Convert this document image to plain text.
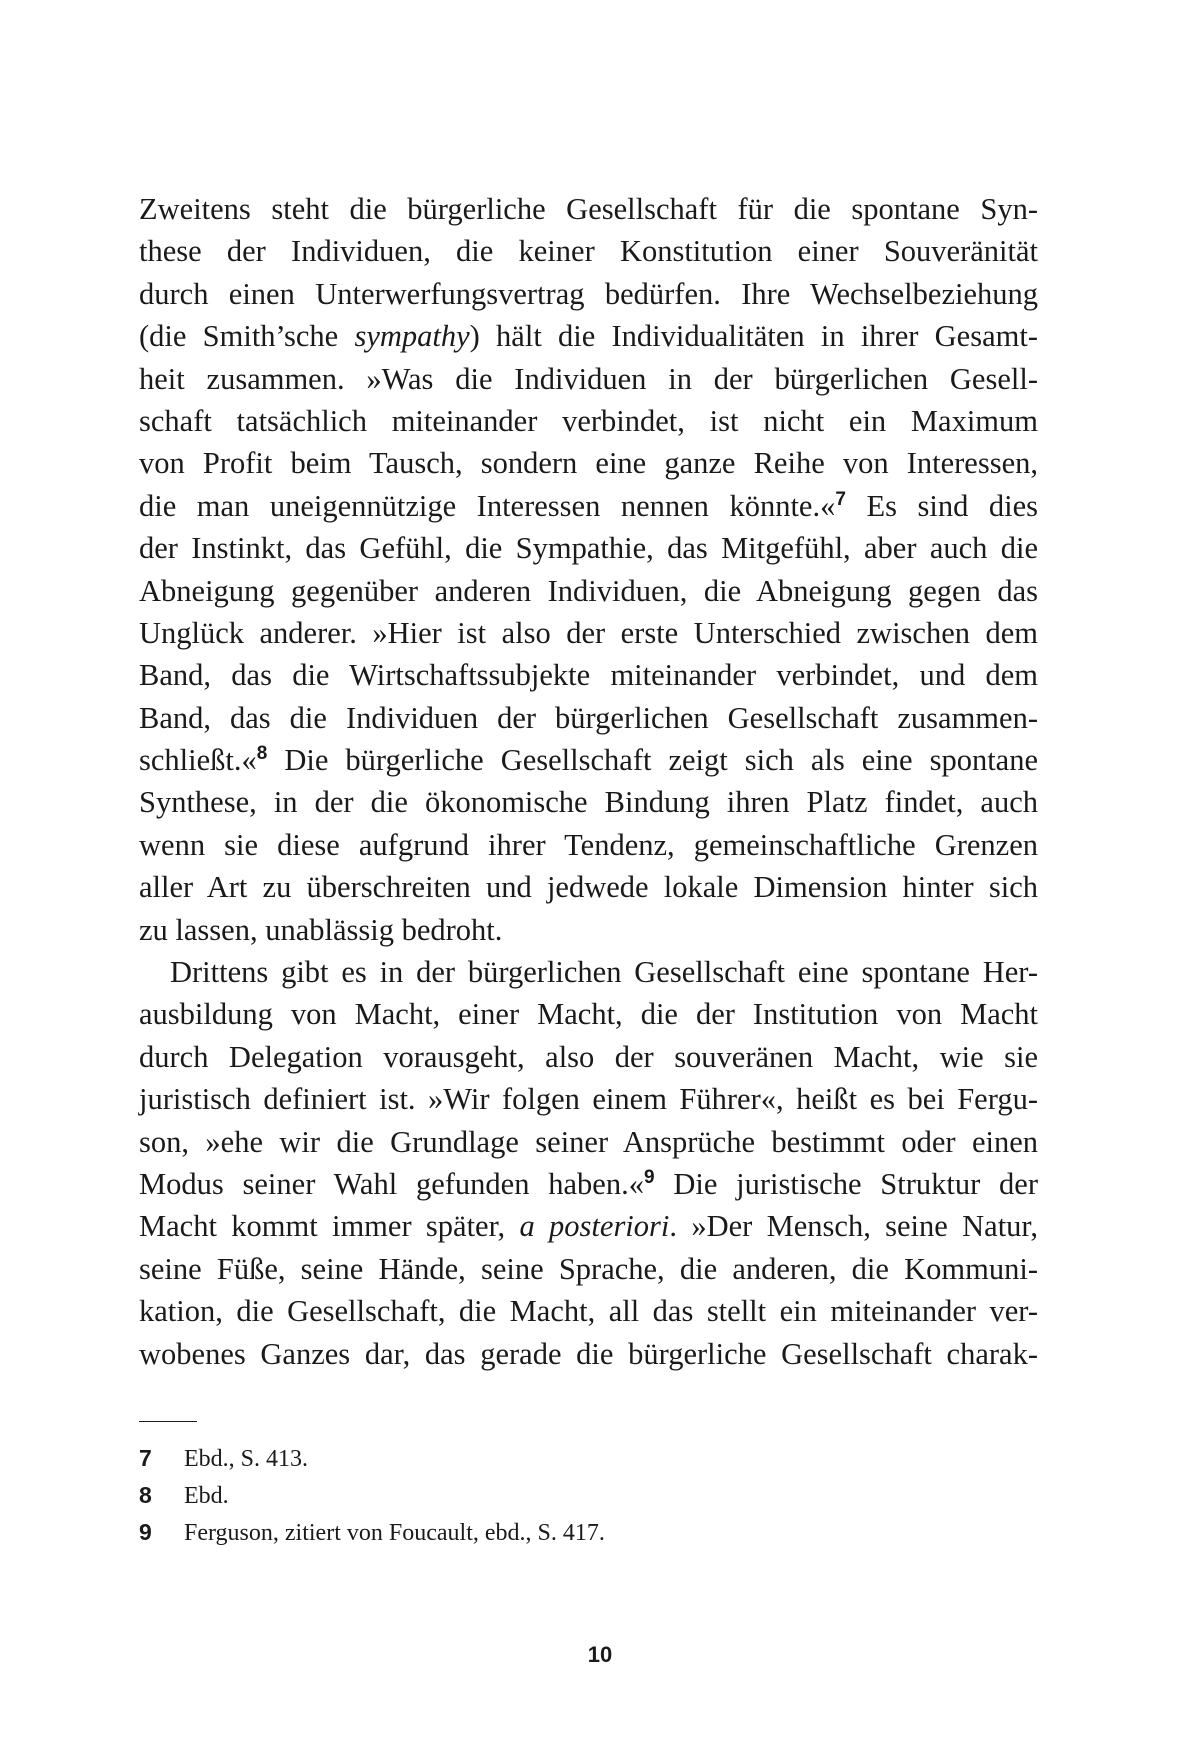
Zweitens steht die bürgerliche Gesellschaft für die spontane Syn-
these der Individuen, die keiner Konstitution einer Souveränität
durch einen Unterwerfungsvertrag bedürfen. Ihre Wechselbeziehung
(die Smith’sche sympathy) hält die Individualitäten in ihrer Gesamt-
heit zusammen. »Was die Individuen in der bürgerlichen Gesell-
schaft tatsächlich miteinander verbindet, ist nicht ein Maximum
von Profit beim Tausch, sondern eine ganze Reihe von Interessen,
die man uneigennützige Interessen nennen könnte.«$^7$ Es sind dies
der Instinkt, das Gefühl, die Sympathie, das Mitgefühl, aber auch die
Abneigung gegenüber anderen Individuen, die Abneigung gegen das
Unglück anderer. »Hier ist also der erste Unterschied zwischen dem
Band, das die Wirtschaftssubjekte miteinander verbindet, und dem
Band, das die Individuen der bürgerlichen Gesellschaft zusammen-
schließt.«$^8$ Die bürgerliche Gesellschaft zeigt sich als eine spontane
Synthese, in der die ökonomische Bindung ihren Platz findet, auch
wenn sie diese aufgrund ihrer Tendenz, gemeinschaftliche Grenzen
aller Art zu überschreiten und jedwede lokale Dimension hinter sich
zu lassen, unablässig bedroht.
Drittens gibt es in der bürgerlichen Gesellschaft eine spontane Her-
ausbildung von Macht, einer Macht, die der Institution von Macht
durch Delegation vorausgeht, also der souveränen Macht, wie sie
juristisch definiert ist. »Wir folgen einem Führer«, heißt es bei Fergu-
son, »ehe wir die Grundlage seiner Ansprüche bestimmt oder einen
Modus seiner Wahl gefunden haben.«$^9$ Die juristische Struktur der
Macht kommt immer später, a posteriori. »Der Mensch, seine Natur,
seine Füße, seine Hände, seine Sprache, die anderen, die Kommuni-
kation, die Gesellschaft, die Macht, all das stellt ein miteinander ver-
wobenes Ganzes dar, das gerade die bürgerliche Gesellschaft charak-
7	Ebd., S. 413.
8	Ebd.
9	Ferguson, zitiert von Foucault, ebd., S. 417.
10
